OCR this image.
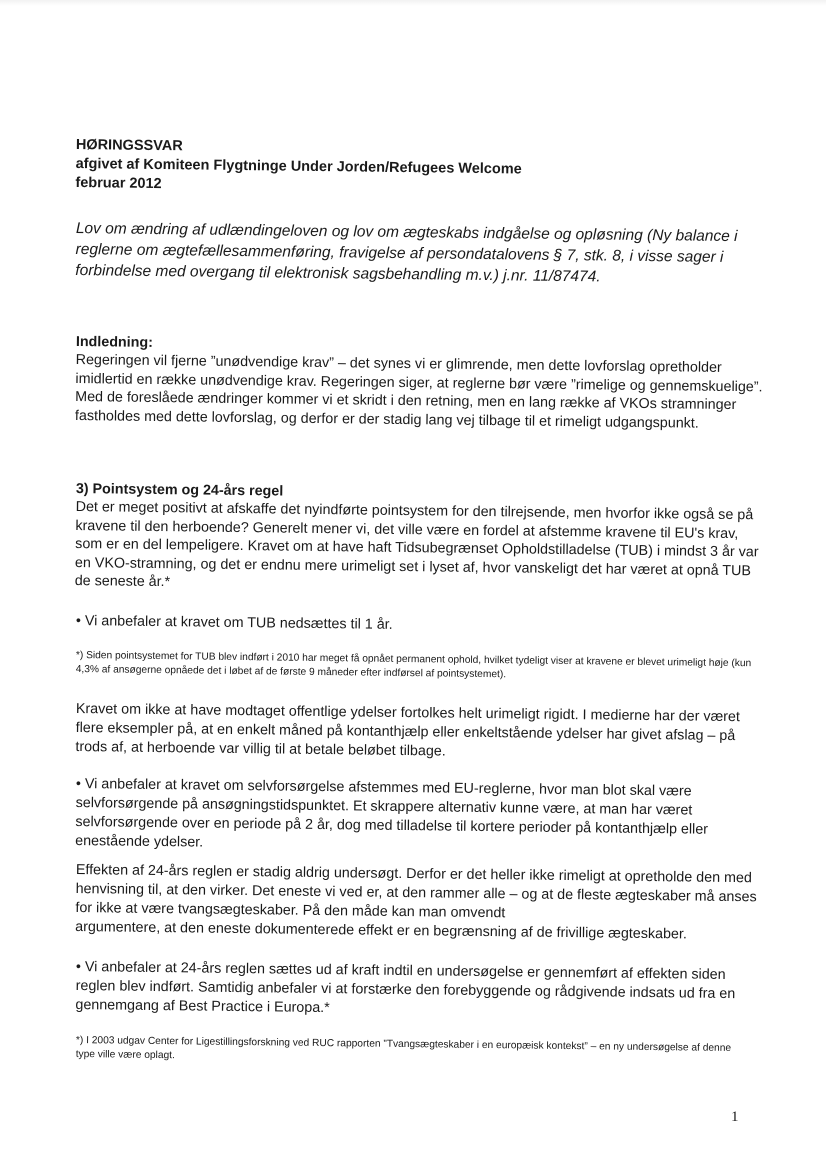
HØRINGSSVAR
afgivet af Komiteen Flygtninge Under Jorden/Refugees Welcome
februar 2012
Lov om ændring af udlændingeloven og lov om ægteskabs indgåelse og opløsning (Ny balance i reglerne om ægtefællesammenføring, fravigelse af persondatalovens § 7, stk. 8, i visse sager i forbindelse med overgang til elektronisk sagsbehandling m.v.) j.nr. 11/87474.
Indledning:
Regeringen vil fjerne ”unødvendige krav” – det synes vi er glimrende, men dette lovforslag opretholder imidlertid en række unødvendige krav. Regeringen siger, at reglerne bør være ”rimelige og gennemskuelige”. Med de foreslåede ændringer kommer vi et skridt i den retning, men en lang række af VKOs stramninger fastholdes med dette lovforslag, og derfor er der stadig lang vej tilbage til et rimeligt udgangspunkt.
3) Pointsystem og 24-års regel
Det er meget positivt at afskaffe det nyindførte pointsystem for den tilrejsende, men hvorfor ikke også se på kravene til den herboende? Generelt mener vi, det ville være en fordel at afstemme kravene til EU's krav, som er en del lempeligere. Kravet om at have haft Tidsubegrænset Opholdstilladelse (TUB) i mindst 3 år var en VKO-stramning, og det er endnu mere urimeligt set i lyset af, hvor vanskeligt det har været at opnå TUB de seneste år.*
• Vi anbefaler at kravet om TUB nedsættes til 1 år.
*) Siden pointsystemet for TUB blev indført i 2010 har meget få opnået permanent ophold, hvilket tydeligt viser at kravene er blevet urimeligt høje (kun 4,3% af ansøgerne opnåede det i løbet af de første 9 måneder efter indførsel af pointsystemet).
Kravet om ikke at have modtaget offentlige ydelser fortolkes helt urimeligt rigidt. I medierne har der været flere eksempler på, at en enkelt måned på kontanthjælp eller enkeltstående ydelser har givet afslag – på trods af, at herboende var villig til at betale beløbet tilbage.
• Vi anbefaler at kravet om selvforsørgelse afstemmes med EU-reglerne, hvor man blot skal være selvforsørgende på ansøgningstidspunktet. Et skrappere alternativ kunne være, at man har været selvforsørgende over en periode på 2 år, dog med tilladelse til kortere perioder på kontanthjælp eller enestående ydelser.
Effekten af 24-års reglen er stadig aldrig undersøgt. Derfor er det heller ikke rimeligt at opretholde den med henvisning til, at den virker. Det eneste vi ved er, at den rammer alle – og at de fleste ægteskaber må anses for ikke at være tvangsægteskaber. På den måde kan man omvendt
argumentere, at den eneste dokumenterede effekt er en begrænsning af de frivillige ægteskaber.
• Vi anbefaler at 24-års reglen sættes ud af kraft indtil en undersøgelse er gennemført af effekten siden reglen blev indført. Samtidig anbefaler vi at forstærke den forebyggende og rådgivende indsats ud fra en gennemgang af Best Practice i Europa.*
*) I 2003 udgav Center for Ligestillingsforskning ved RUC rapporten ”Tvangsægteskaber i en europæisk kontekst” – en ny undersøgelse af denne type ville være oplagt.
1
